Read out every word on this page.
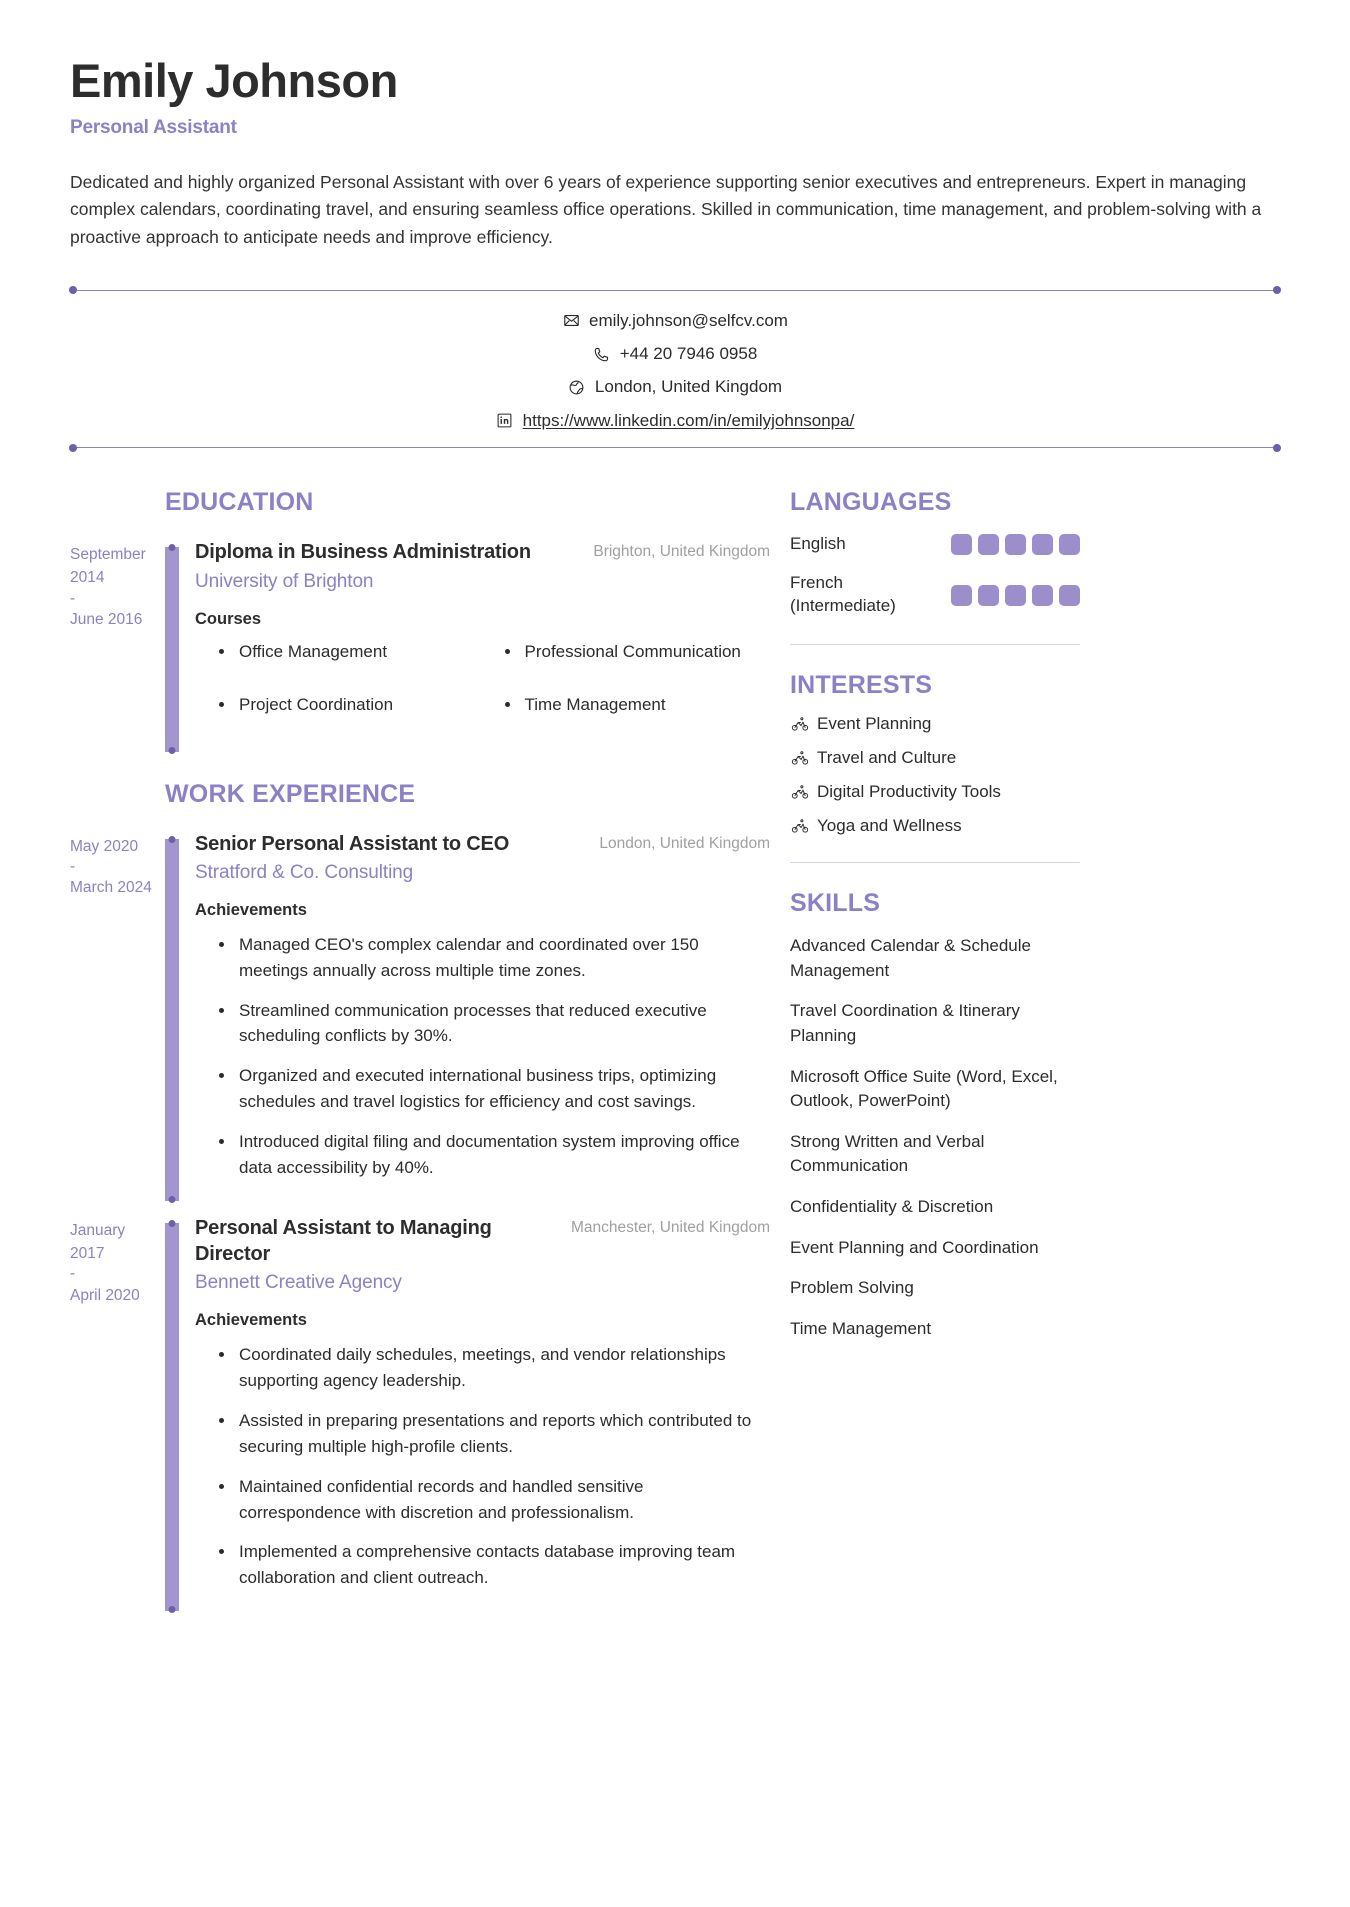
Emily Johnson
Personal Assistant

Dedicated and highly organized Personal Assistant with over 6 years of experience supporting senior executives and entrepreneurs. Expert in managing complex calendars, coordinating travel, and ensuring seamless office operations. Skilled in communication, time management, and problem-solving with a proactive approach to anticipate needs and improve efficiency.

emily.johnson@selfcv.com
+44 20 7946 0958
London, United Kingdom
https://www.linkedin.com/in/emilyjohnsonpa/
EDUCATION
September 2014
-
June 2016
Diploma in Business Administration	Brighton, United Kingdom
University of Brighton
Courses
Office Management	Professional Communication
Project Coordination	Time Management
WORK EXPERIENCE
May 2020
-
March 2024
Senior Personal Assistant to CEO	London, United Kingdom
Stratford & Co. Consulting
Achievements
Managed CEO's complex calendar and coordinated over 150 meetings annually across multiple time zones.
Streamlined communication processes that reduced executive scheduling conflicts by 30%.
Organized and executed international business trips, optimizing schedules and travel logistics for efficiency and cost savings.
Introduced digital filing and documentation system improving office data accessibility by 40%.
January 2017
-
April 2020
Personal Assistant to Managing Director
Manchester, United Kingdom
Bennett Creative Agency
Achievements
Coordinated daily schedules, meetings, and vendor relationships supporting agency leadership.
Assisted in preparing presentations and reports which contributed to securing multiple high-profile clients.
Maintained confidential records and handled sensitive correspondence with discretion and professionalism.
Implemented a comprehensive contacts database improving team collaboration and client outreach.
LANGUAGES
English
French (Intermediate)
INTERESTS
Event Planning
Travel and Culture
Digital Productivity Tools
Yoga and Wellness
SKILLS
Advanced Calendar & Schedule Management
Travel Coordination & Itinerary Planning
Microsoft Office Suite (Word, Excel, Outlook, PowerPoint)
Strong Written and Verbal Communication
Confidentiality & Discretion
Event Planning and Coordination
Problem Solving
Time Management
